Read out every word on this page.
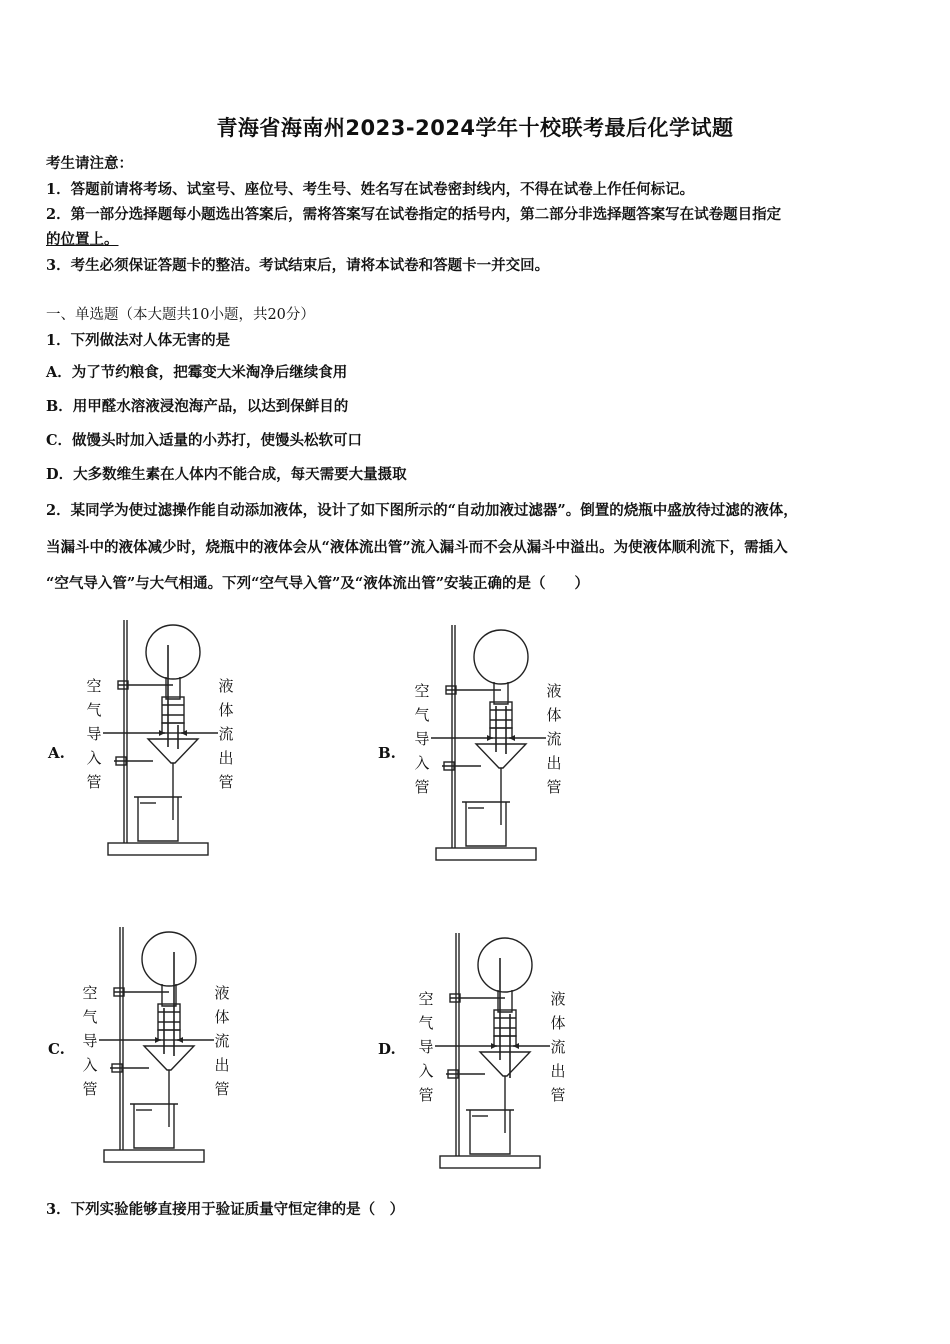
青海省海南州2023-2024学年十校联考最后化学试题
考生请注意：
1．答题前请将考场、试室号、座位号、考生号、姓名写在试卷密封线内，不得在试卷上作任何标记。
2．第一部分选择题每小题选出答案后，需将答案写在试卷指定的括号内，第二部分非选择题答案写在试卷题目指定
的位置上。
3．考生必须保证答题卡的整洁。考试结束后，请将本试卷和答题卡一并交回。
一、单选题（本大题共10小题，共20分）
1．下列做法对人体无害的是
A．为了节约粮食，把霉变大米淘净后继续食用
B．用甲醛水溶液浸泡海产品，以达到保鲜目的
C．做馒头时加入适量的小苏打，使馒头松软可口
D．大多数维生素在人体内不能合成，每天需要大量摄取
2．某同学为使过滤操作能自动添加液体，设计了如下图所示的“自动加液过滤器”。倒置的烧瓶中盛放待过滤的液体，
当漏斗中的液体减少时，烧瓶中的液体会从“液体流出管”流入漏斗而不会从漏斗中溢出。为使液体顺利流下，需插入
“空气导入管”与大气相通。下列“空气导入管”及“液体流出管”安装正确的是（　　）
A.	B.
C.	D.
空
气
导
入
管
液
体
流
出
管
空
气
导
入
管
液
体
流
出
管
空
气
导
入
管
液
体
流
出
管
空
气
导
入
管
液
体
流
出
管
3．下列实验能够直接用于验证质量守恒定律的是（　）
